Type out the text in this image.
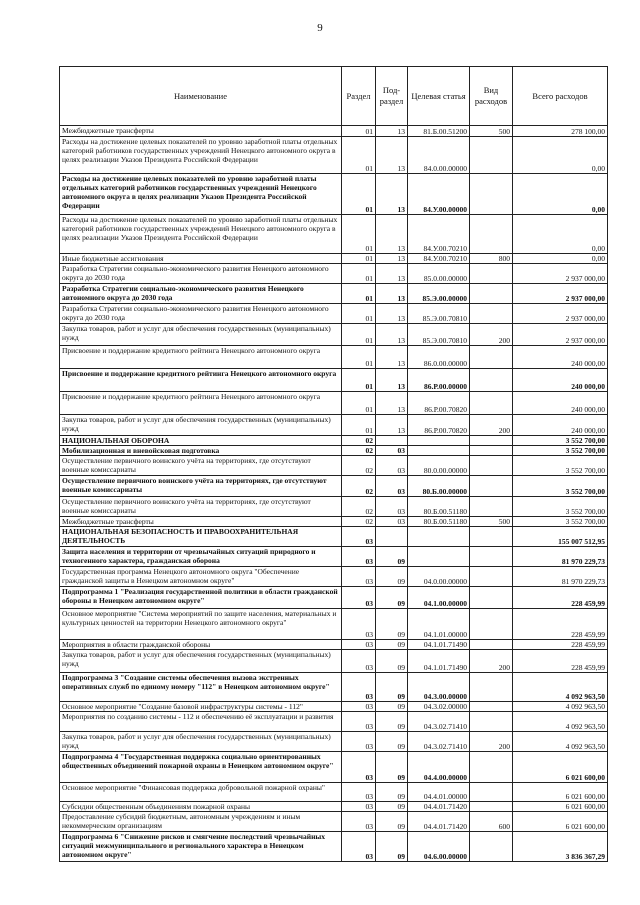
9
Наименование	Раздел	Под-раздел	Целевая статья	Вид расходов	Всего расходов
Межбюджетные трансферты	01	13	81.Б.00.51200	500	278 100,00
Расходы на достижение целевых показателей по уровню заработной платы отдельных категорий работников государственных учреждений Ненецкого автономного округа в целях реализации Указов Президента Российской Федерации	01	13	84.0.00.00000		0,00
Расходы на достижение целевых показателей по уровню заработной платы отдельных категорий работников государственных учреждений Ненецкого автономного округа в целях реализации Указов Президента Российской Федерации	01	13	84.У.00.00000		0,00
Расходы на достижение целевых показателей по уровню заработной платы отдельных категорий работников государственных учреждений Ненецкого автономного округа в целях реализации Указов Президента Российской Федерации	01	13	84.У.00.70210		0,00
Иные бюджетные ассигнования	01	13	84.У.00.70210	800	0,00
Разработка Стратегии социально-экономического развития Ненецкого автономного округа до 2030 года	01	13	85.0.00.00000		2 937 000,00
Разработка Стратегии социально-экономического развития Ненецкого автономного округа до 2030 года	01	13	85.Э.00.00000		2 937 000,00
Разработка Стратегии социально-экономического развития Ненецкого автономного округа до 2030 года	01	13	85.Э.00.70810		2 937 000,00
Закупка товаров, работ и услуг для обеспечения государственных (муниципальных) нужд	01	13	85.Э.00.70810	200	2 937 000,00
Присвоение и поддержание кредитного рейтинга Ненецкого автономного округа	01	13	86.0.00.00000		240 000,00
Присвоение и поддержание кредитного рейтинга Ненецкого автономного округа	01	13	86.Р.00.00000		240 000,00
Присвоение и поддержание кредитного рейтинга Ненецкого автономного округа	01	13	86.Р.00.70820		240 000,00
Закупка товаров, работ и услуг для обеспечения государственных (муниципальных) нужд	01	13	86.Р.00.70820	200	240 000,00
НАЦИОНАЛЬНАЯ ОБОРОНА	02				3 552 700,00
Мобилизационная и вневойсковая подготовка	02	03			3 552 700,00
Осуществление первичного воинского учёта на территориях, где отсутствуют военные комиссариаты	02	03	80.0.00.00000		3 552 700,00
Осуществление первичного воинского учёта на территориях, где отсутствуют военные комиссариаты	02	03	80.Б.00.00000		3 552 700,00
Осуществление первичного воинского учёта на территориях, где отсутствуют военные комиссариаты	02	03	80.Б.00.51180		3 552 700,00
Межбюджетные трансферты	02	03	80.Б.00.51180	500	3 552 700,00
НАЦИОНАЛЬНАЯ БЕЗОПАСНОСТЬ И ПРАВООХРАНИТЕЛЬНАЯ ДЕЯТЕЛЬНОСТЬ	03				155 007 512,95
Защита населения и территории от чрезвычайных ситуаций природного и техногенного характера, гражданская оборона	03	09			81 970 229,73
Государственная программа Ненецкого автономного округа "Обеспечение гражданской защиты в Ненецком автономном округе"	03	09	04.0.00.00000		81 970 229,73
Подпрограмма 1 "Реализация государственной политики в области гражданской обороны в Ненецком автономном округе"	03	09	04.1.00.00000		228 459,99
Основное мероприятие "Система мероприятий по защите населения, материальных и культурных ценностей на территории Ненецкого автономного округа"	03	09	04.1.01.00000		228 459,99
Мероприятия в области гражданской обороны	03	09	04.1.01.71490		228 459,99
Закупка товаров, работ и услуг для обеспечения государственных (муниципальных) нужд	03	09	04.1.01.71490	200	228 459,99
Подпрограмма 3 "Создание системы обеспечения вызова экстренных оперативных служб по единому номеру "112" в Ненецком автономном округе"	03	09	04.3.00.00000		4 092 963,50
Основное мероприятие "Создание базовой инфраструктуры системы - 112"	03	09	04.3.02.00000		4 092 963,50
Мероприятия по созданию системы - 112 и обеспечению её эксплуатации и развития	03	09	04.3.02.71410		4 092 963,50
Закупка товаров, работ и услуг для обеспечения государственных (муниципальных) нужд	03	09	04.3.02.71410	200	4 092 963,50
Подпрограмма 4 "Государственная поддержка социально ориентированных общественных объединений пожарной охраны в Ненецком автономном округе"	03	09	04.4.00.00000		6 021 600,00
Основное мероприятие "Финансовая поддержка добровольной пожарной охраны"	03	09	04.4.01.00000		6 021 600,00
Субсидии общественным объединениям пожарной охраны	03	09	04.4.01.71420		6 021 600,00
Предоставление субсидий бюджетным, автономным учреждениям и иным некоммерческим организациям	03	09	04.4.01.71420	600	6 021 600,00
Подпрограмма 6 "Снижение рисков и смягчение последствий чрезвычайных ситуаций межмуниципального и регионального характера в Ненецком автономном округе"	03	09	04.6.00.00000		3 836 367,29
